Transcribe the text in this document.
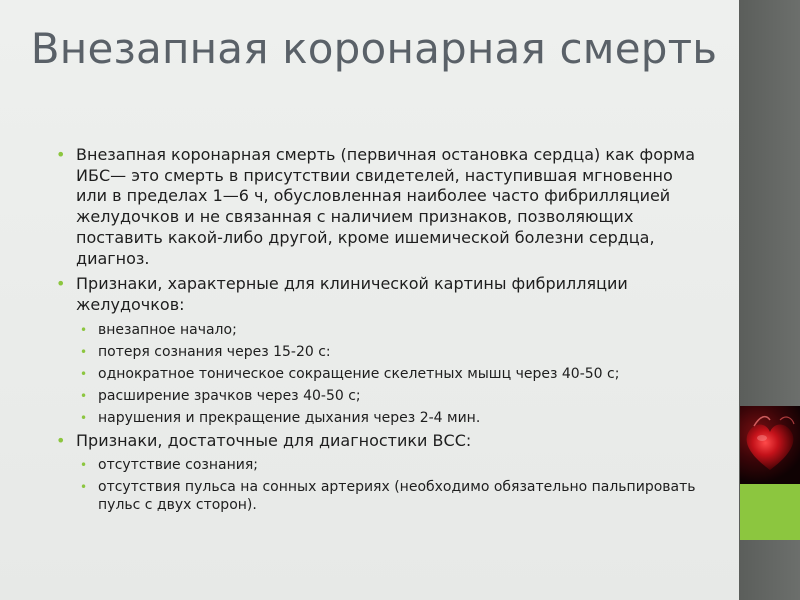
Внезапная коронарная смерть
• Внезапная коронарная смерть (первичная остановка сердца) как форма ИБС— это смерть в присутствии свидетелей, наступившая мгновенно или в пределах 1—6 ч, обусловленная наиболее часто фибрилляцией желудочков и не связанная с наличием признаков, позволяющих поставить какой-либо другой, кроме ишемической болезни сердца, диагноз.
• Признаки, характерные для клинической картины фибрилляции желудочков:
• внезапное начало;
• потеря сознания через 15-20 с:
• однократное тоническое сокращение скелетных мышц через 40-50 с;
• расширение зрачков через 40-50 с;
• нарушения и прекращение дыхания через 2-4 мин.
• Признаки, достаточные для диагностики ВСС:
• отсутствие сознания;
• отсутствия пульса на сонных артериях (необходимо обязательно пальпировать пульс с двух сторон).
